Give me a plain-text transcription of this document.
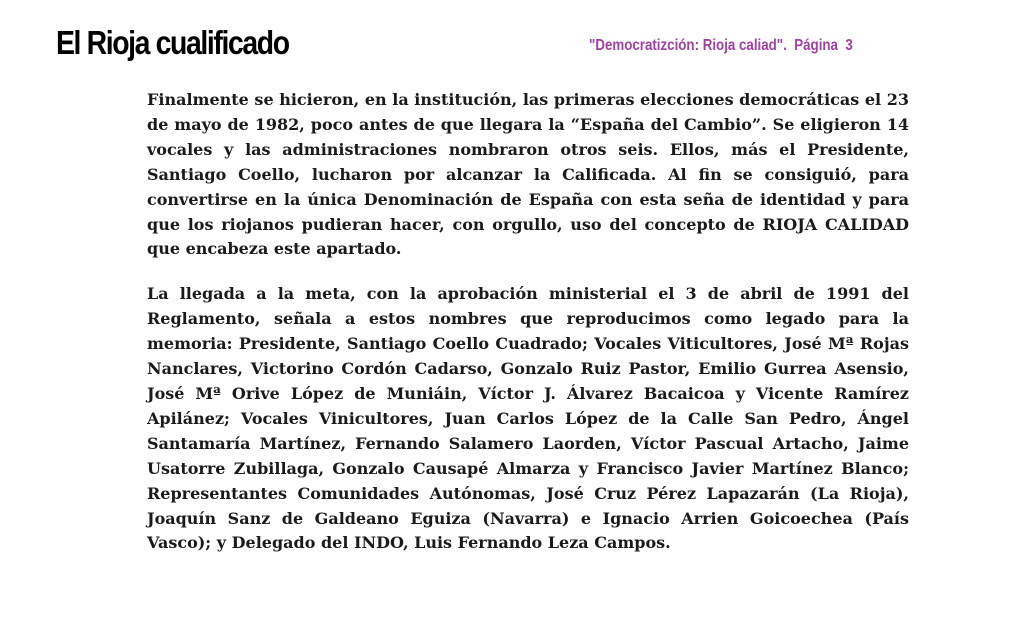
El Rioja cualificado	"Democratizción: Rioja caliad". Página 3

Finalmente se hicieron, en la institución, las primeras elecciones democráticas el 23 de mayo de 1982, poco antes de que llegara la “España del Cambio”. Se eligieron 14 vocales y las administraciones nombraron otros seis. Ellos, más el Presidente, Santiago Coello, lucharon por alcanzar la Calificada. Al fin se consiguió, para convertirse en la única Denominación de España con esta seña de identidad y para que los riojanos pudieran hacer, con orgullo, uso del concepto de RIOJA CALIDAD que encabeza este apartado.

La llegada a la meta, con la aprobación ministerial el 3 de abril de 1991 del Reglamento, señala a estos nombres que reproducimos como legado para la memoria: Presidente, Santiago Coello Cuadrado; Vocales Viticultores, José Mª Rojas Nanclares, Victorino Cordón Cadarso, Gonzalo Ruiz Pastor, Emilio Gurrea Asensio, José Mª Orive López de Muniáin, Víctor J. Álvarez Bacaicoa y Vicente Ramírez Apilánez; Vocales Vinicultores, Juan Carlos López de la Calle San Pedro, Ángel Santamaría Martínez, Fernando Salamero Laorden, Víctor Pascual Artacho, Jaime Usatorre Zubillaga, Gonzalo Causapé Almarza y Francisco Javier Martínez Blanco; Representantes Comunidades Autónomas, José Cruz Pérez Lapazarán (La Rioja), Joaquín Sanz de Galdeano Eguiza (Navarra) e Ignacio Arrien Goicoechea (País Vasco); y Delegado del INDO, Luis Fernando Leza Campos.
